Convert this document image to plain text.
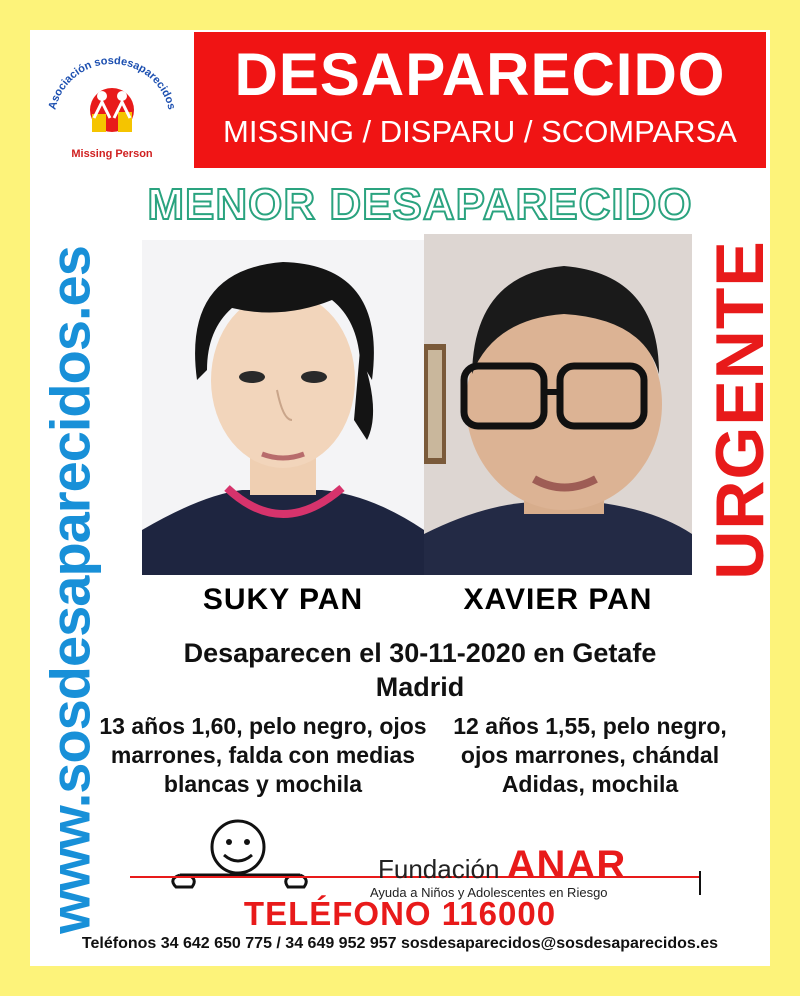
Asociación sosdesaparecidos
Missing Person
DESAPARECIDO
MISSING / DISPARU / SCOMPARSA
MENOR DESAPARECIDO
www.sosdesaparecidos.es	URGENTE
SUKY PAN	XAVIER PAN
Desaparecen el 30-11-2020 en Getafe
Madrid
13 años 1,60, pelo negro, ojos marrones, falda con medias blancas y mochila
12 años 1,55, pelo negro, ojos marrones, chándal Adidas, mochila
Fundación ANAR
Ayuda a Niños y Adolescentes en Riesgo
TELÉFONO 116000
Teléfonos 34 642 650 775 / 34 649 952 957 sosdesaparecidos@sosdesaparecidos.es
